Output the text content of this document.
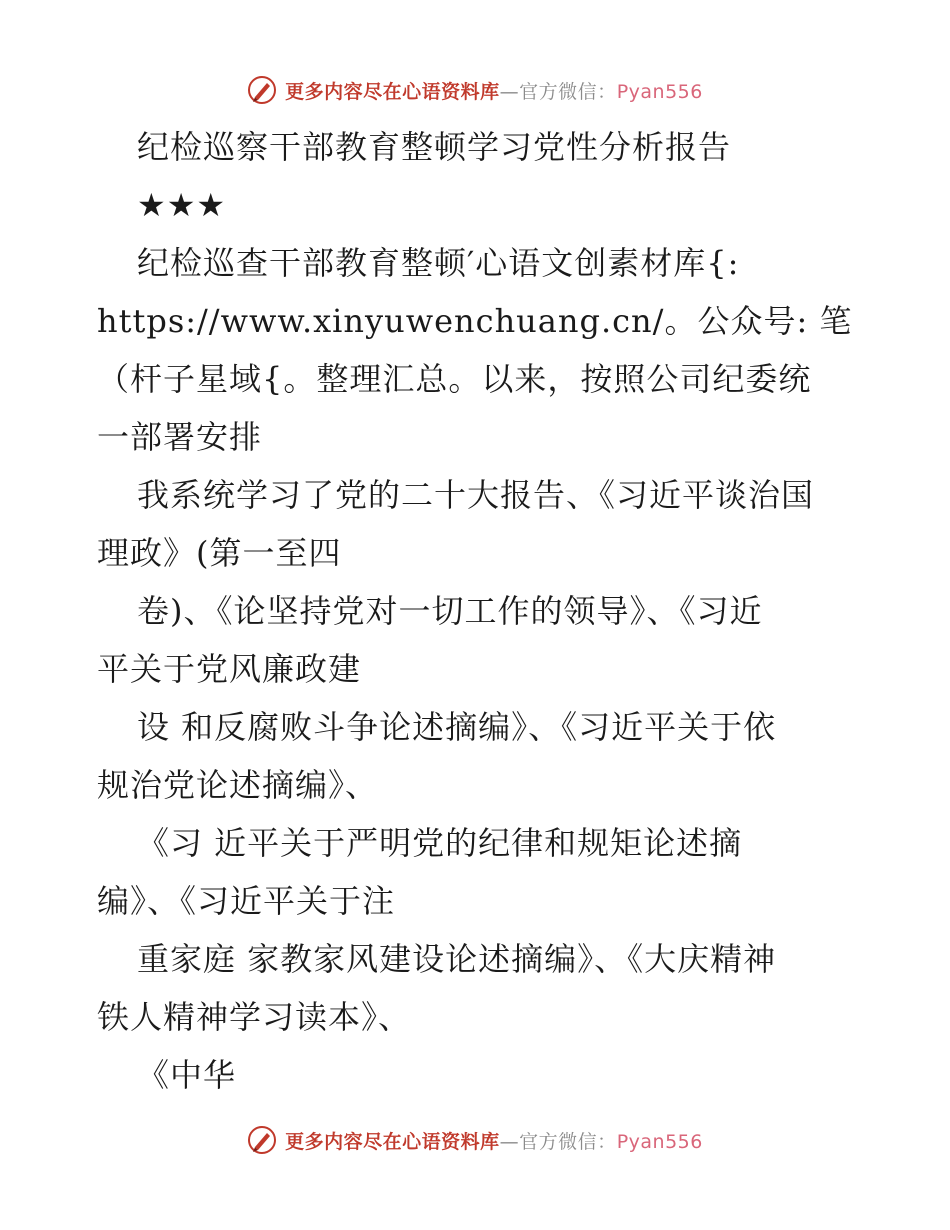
更多内容尽在心语资料库—官方微信：Pyan556
纪检巡察干部教育整顿学习党性分析报告
★★★
纪检巡查干部教育整顿′心语文创素材库{:
https://www.xinyuwenchuang.cn/。公众号: 笔
（杆子星域{。整理汇总。以来，按照公司纪委统
一部署安排
我系统学习了党的二十大报告、《习近平谈治国
理政》(第一至四
卷)、《论坚持党对一切工作的领导》、《习近
平关于党风廉政建
设 和反腐败斗争论述摘编》、《习近平关于依
规治党论述摘编》、
《习 近平关于严明党的纪律和规矩论述摘
编》、《习近平关于注
重家庭 家教家风建设论述摘编》、《大庆精神
铁人精神学习读本》、
《中华
更多内容尽在心语资料库—官方微信：Pyan556
